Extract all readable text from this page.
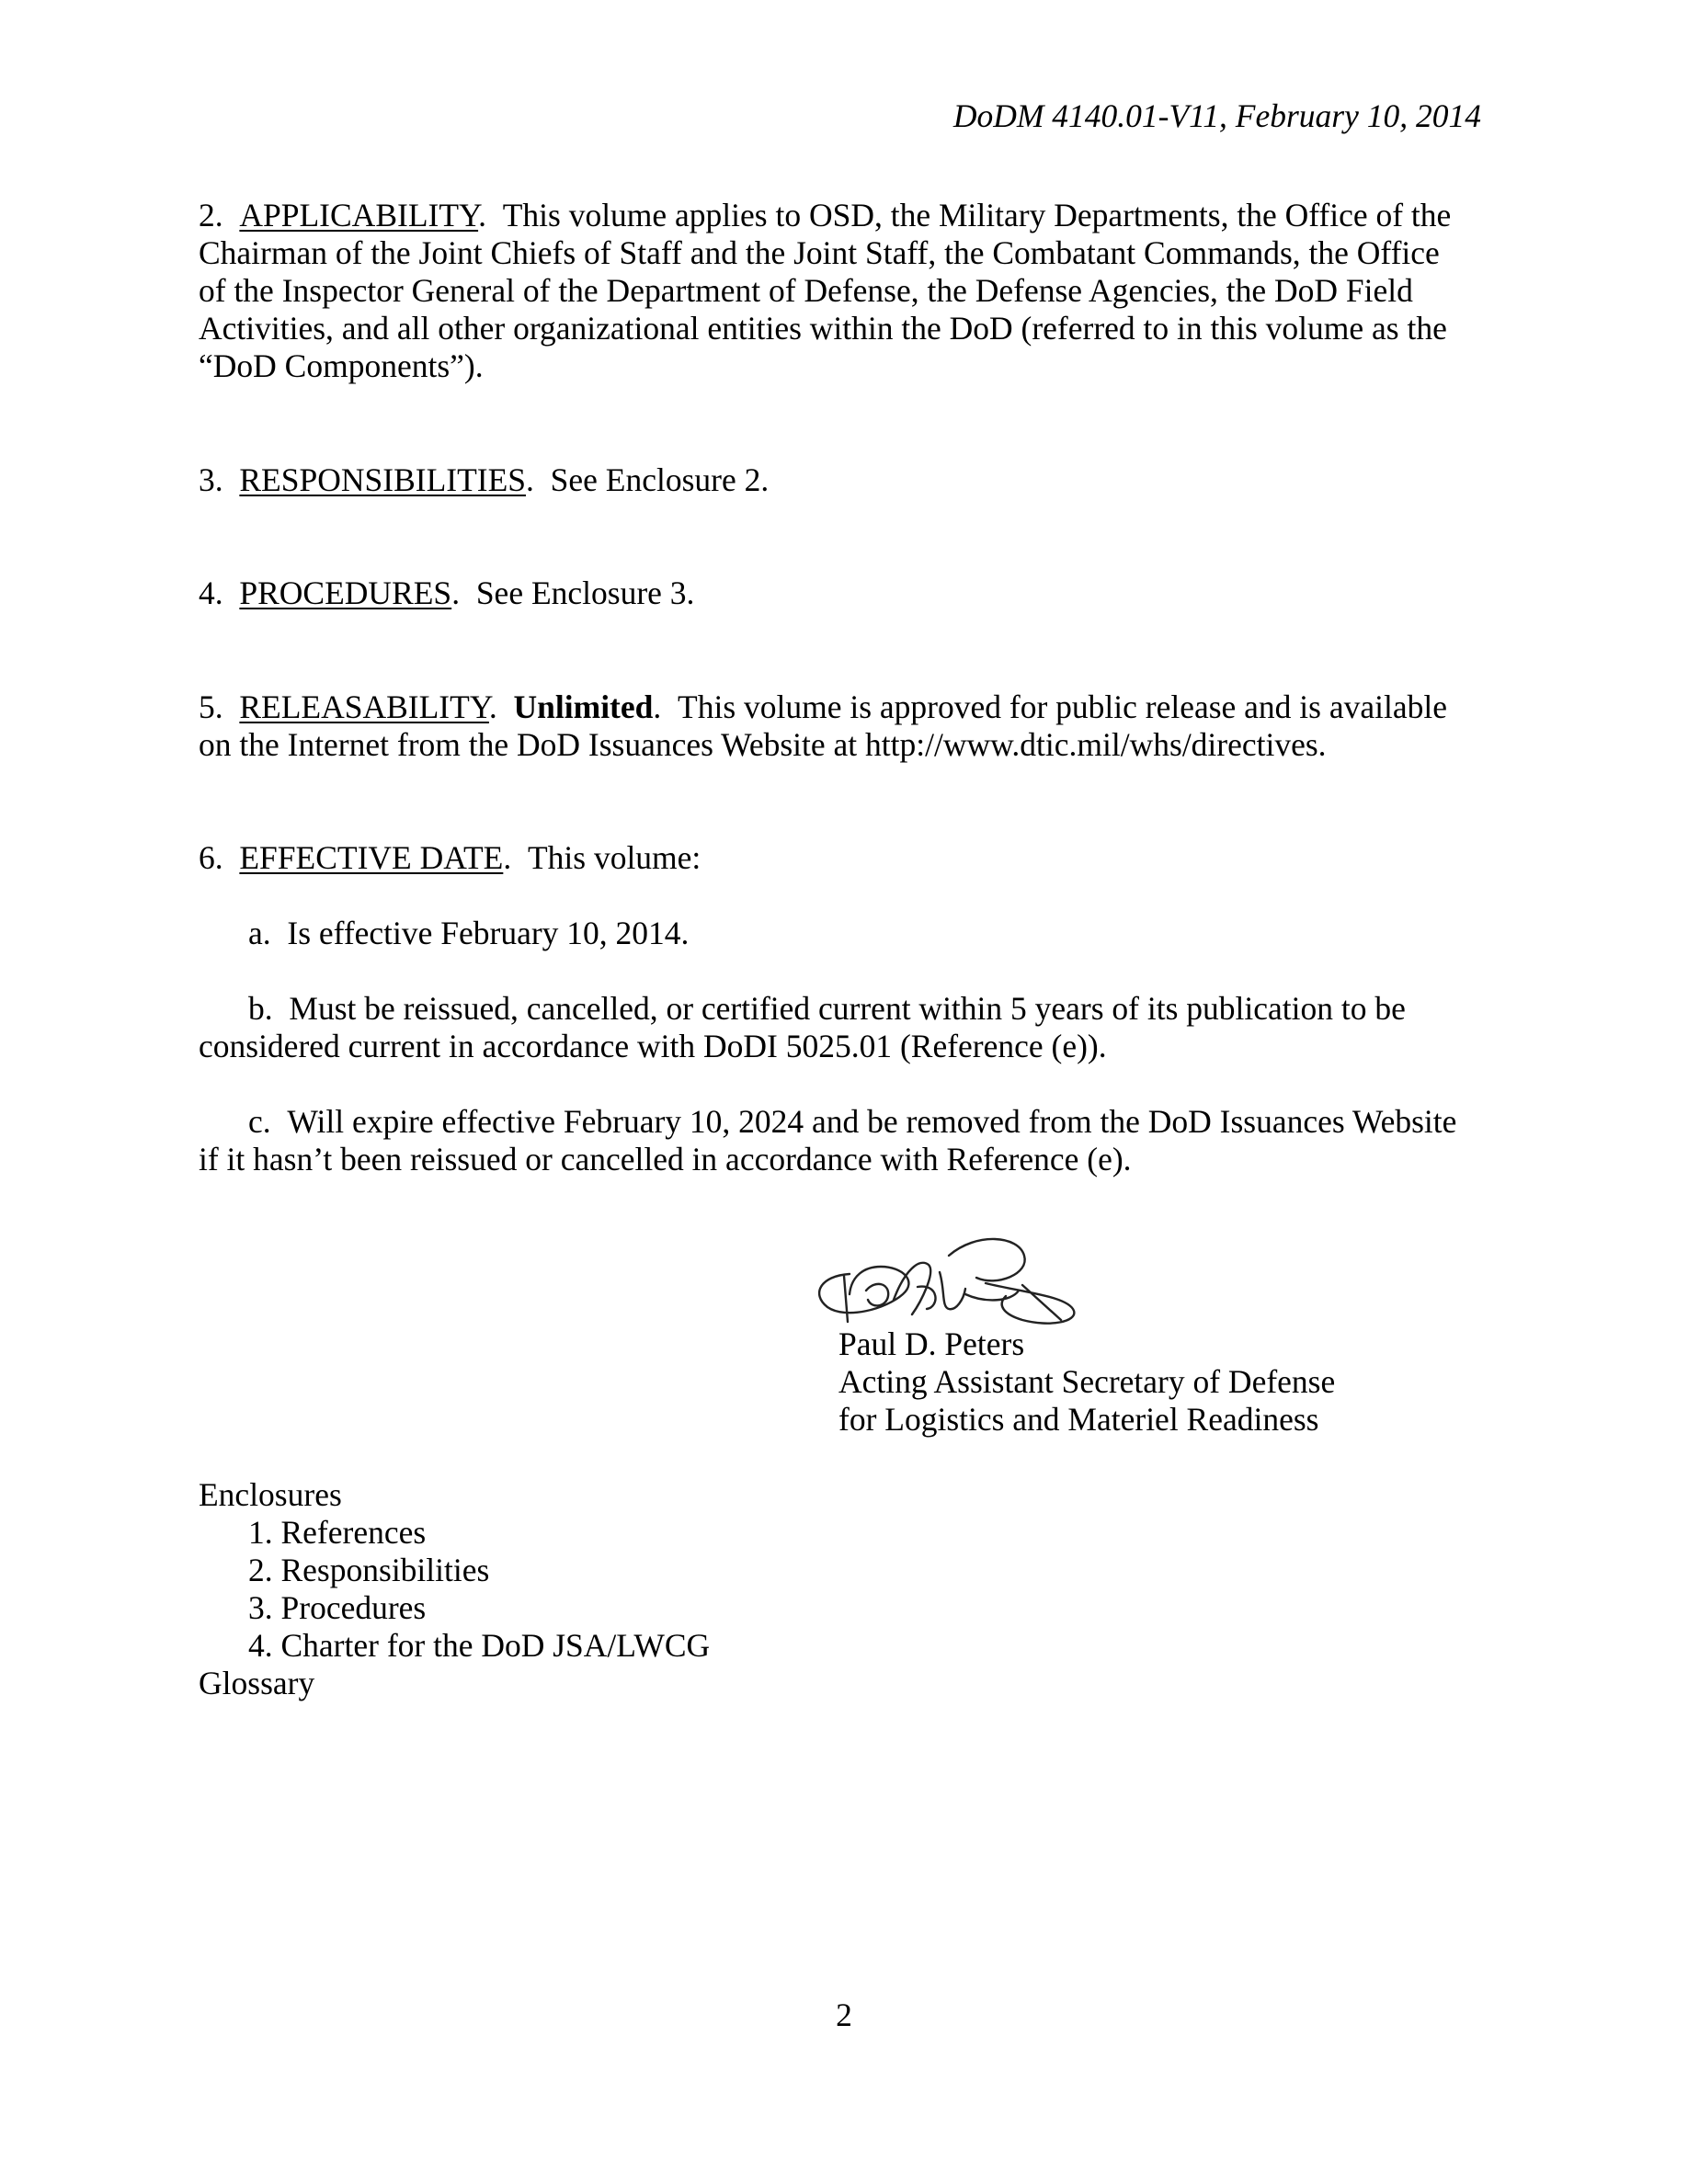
DoDM 4140.01-V11, February 10, 2014
2. APPLICABILITY.  This volume applies to OSD, the Military Departments, the Office of the
Chairman of the Joint Chiefs of Staff and the Joint Staff, the Combatant Commands, the Office
of the Inspector General of the Department of Defense, the Defense Agencies, the DoD Field
Activities, and all other organizational entities within the DoD (referred to in this volume as the
“DoD Components”).
3. RESPONSIBILITIES.  See Enclosure 2.
4. PROCEDURES.  See Enclosure 3.
5. RELEASABILITY.  Unlimited.  This volume is approved for public release and is available
on the Internet from the DoD Issuances Website at http://www.dtic.mil/whs/directives.
6. EFFECTIVE DATE.  This volume:
a. Is effective February 10, 2014.
b. Must be reissued, cancelled, or certified current within 5 years of its publication to be
considered current in accordance with DoDI 5025.01 (Reference (e)).
c. Will expire effective February 10, 2024 and be removed from the DoD Issuances Website
if it hasn’t been reissued or cancelled in accordance with Reference (e).
Paul D. Peters
Acting Assistant Secretary of Defense
for Logistics and Materiel Readiness
Enclosures
1. References
2. Responsibilities
3. Procedures
4. Charter for the DoD JSA/LWCG
Glossary
2
